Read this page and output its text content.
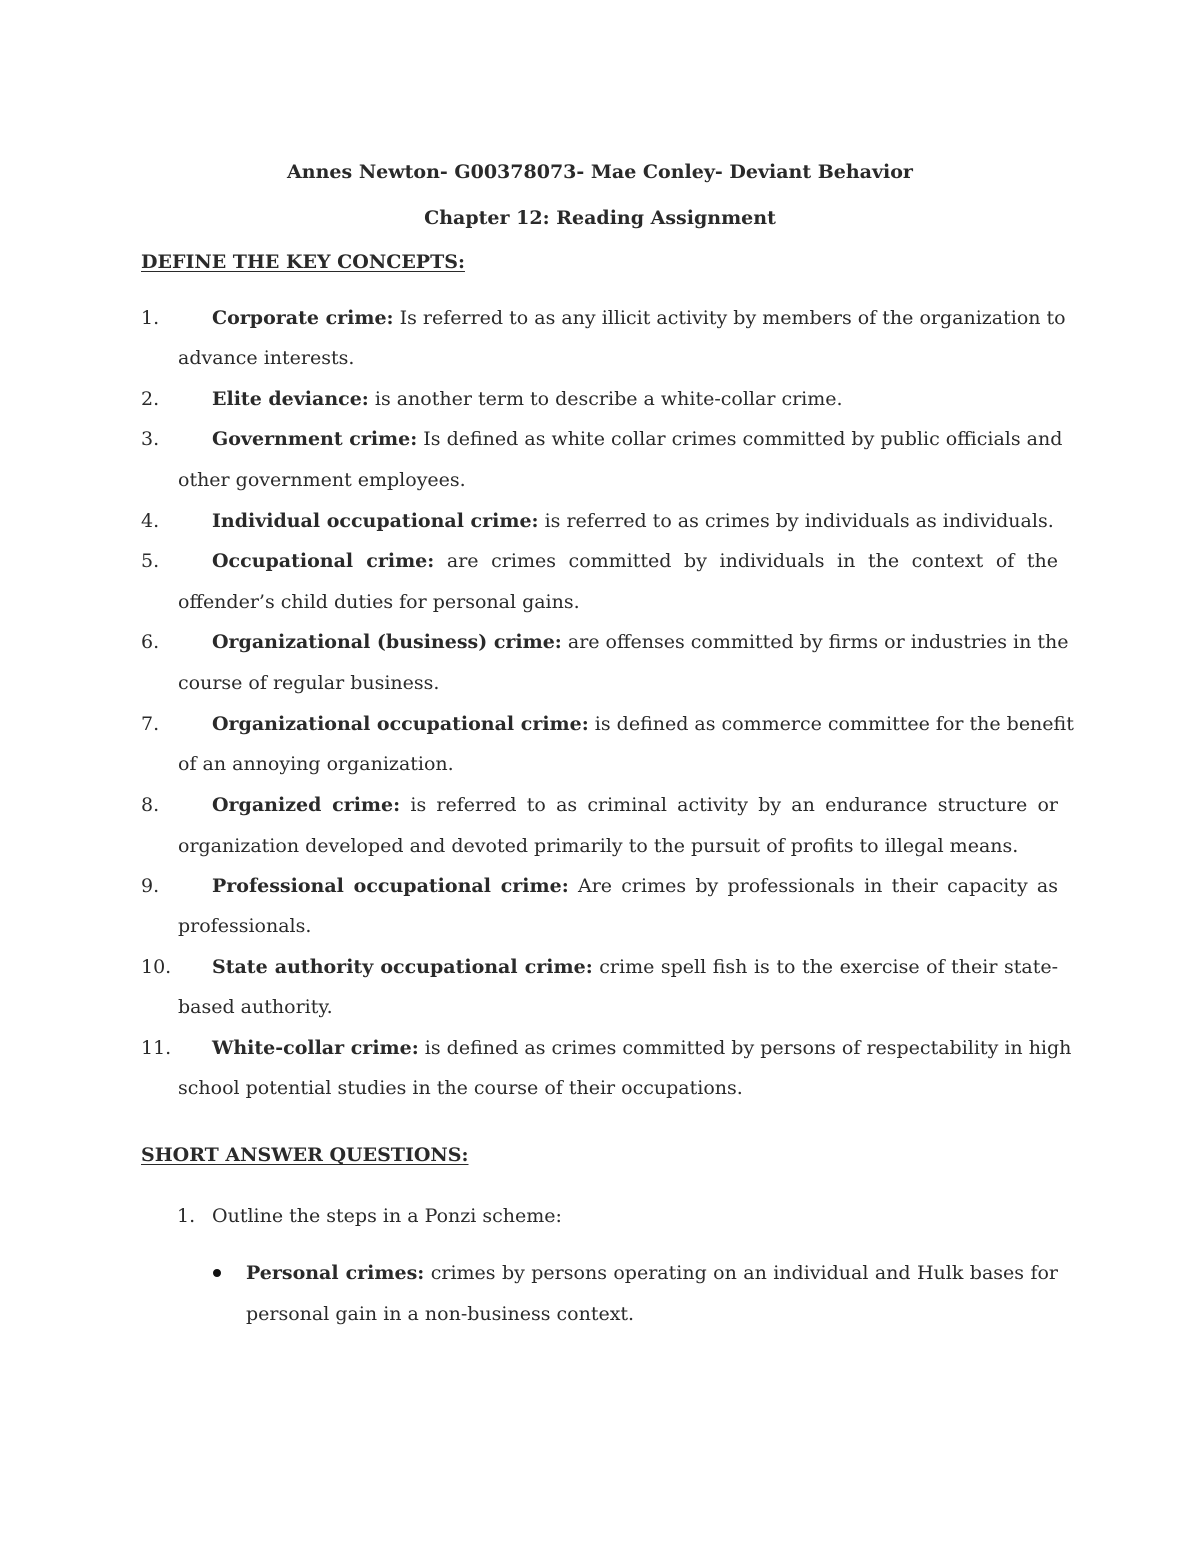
Annes Newton- G00378073- Mae Conley- Deviant Behavior
Chapter 12: Reading Assignment
DEFINE THE KEY CONCEPTS:
1.	Corporate crime: Is referred to as any illicit activity by members of the organization to
advance interests.
2.	Elite deviance: is another term to describe a white-collar crime.
3.	Government crime: Is defined as white collar crimes committed by public officials and
other government employees.
4.	Individual occupational crime: is referred to as crimes by individuals as individuals.
5.	Occupational crime: are crimes committed by individuals in the context of the
offender’s child duties for personal gains.
6.	Organizational (business) crime: are offenses committed by firms or industries in the
course of regular business.
7.	Organizational occupational crime: is defined as commerce committee for the benefit
of an annoying organization.
8.	Organized crime: is referred to as criminal activity by an endurance structure or
organization developed and devoted primarily to the pursuit of profits to illegal means.
9.	Professional occupational crime: Are crimes by professionals in their capacity as
professionals.
10. State authority occupational crime: crime spell fish is to the exercise of their state-
based authority.
11. White-collar crime: is defined as crimes committed by persons of respectability in high
school potential studies in the course of their occupations.
SHORT ANSWER QUESTIONS:
1. Outline the steps in a Ponzi scheme:
Personal crimes: crimes by persons operating on an individual and Hulk bases for
personal gain in a non-business context.
